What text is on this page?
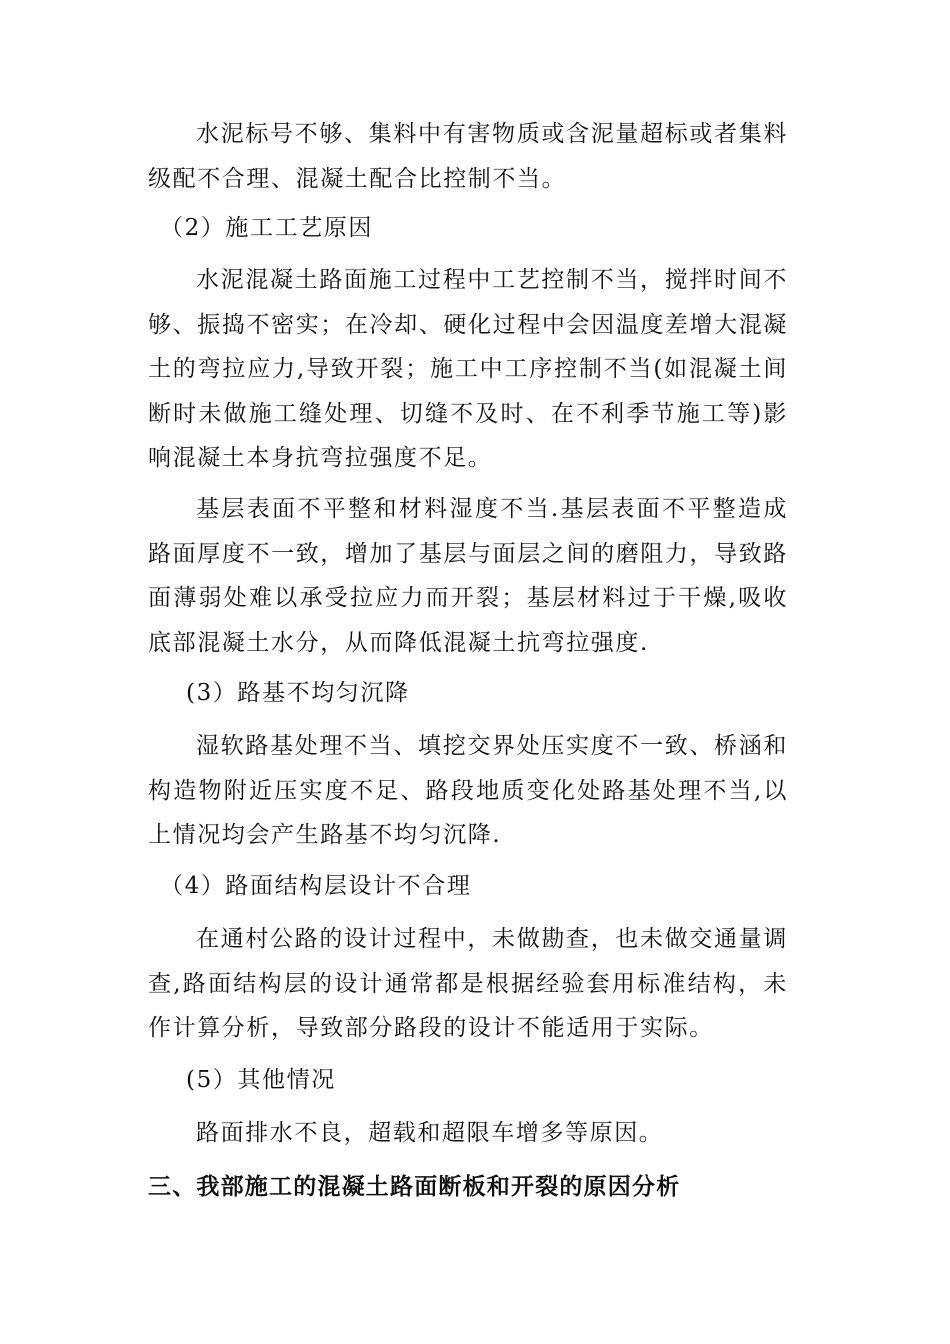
水泥标号不够、集料中有害物质或含泥量超标或者集料级配不合理、混凝土配合比控制不当。

（2）施工工艺原因

水泥混凝土路面施工过程中工艺控制不当，搅拌时间不够、振捣不密实；在冷却、硬化过程中会因温度差增大混凝土的弯拉应力,导致开裂；施工中工序控制不当(如混凝土间断时未做施工缝处理、切缝不及时、在不利季节施工等)影响混凝土本身抗弯拉强度不足。

基层表面不平整和材料湿度不当.基层表面不平整造成路面厚度不一致，增加了基层与面层之间的磨阻力，导致路面薄弱处难以承受拉应力而开裂；基层材料过于干燥,吸收底部混凝土水分，从而降低混凝土抗弯拉强度.

(3）路基不均匀沉降

湿软路基处理不当、填挖交界处压实度不一致、桥涵和构造物附近压实度不足、路段地质变化处路基处理不当,以上情况均会产生路基不均匀沉降.

（4）路面结构层设计不合理

在通村公路的设计过程中，未做勘查，也未做交通量调查,路面结构层的设计通常都是根据经验套用标准结构，未作计算分析，导致部分路段的设计不能适用于实际。

(5）其他情况

路面排水不良，超载和超限车增多等原因。

三、我部施工的混凝土路面断板和开裂的原因分析
